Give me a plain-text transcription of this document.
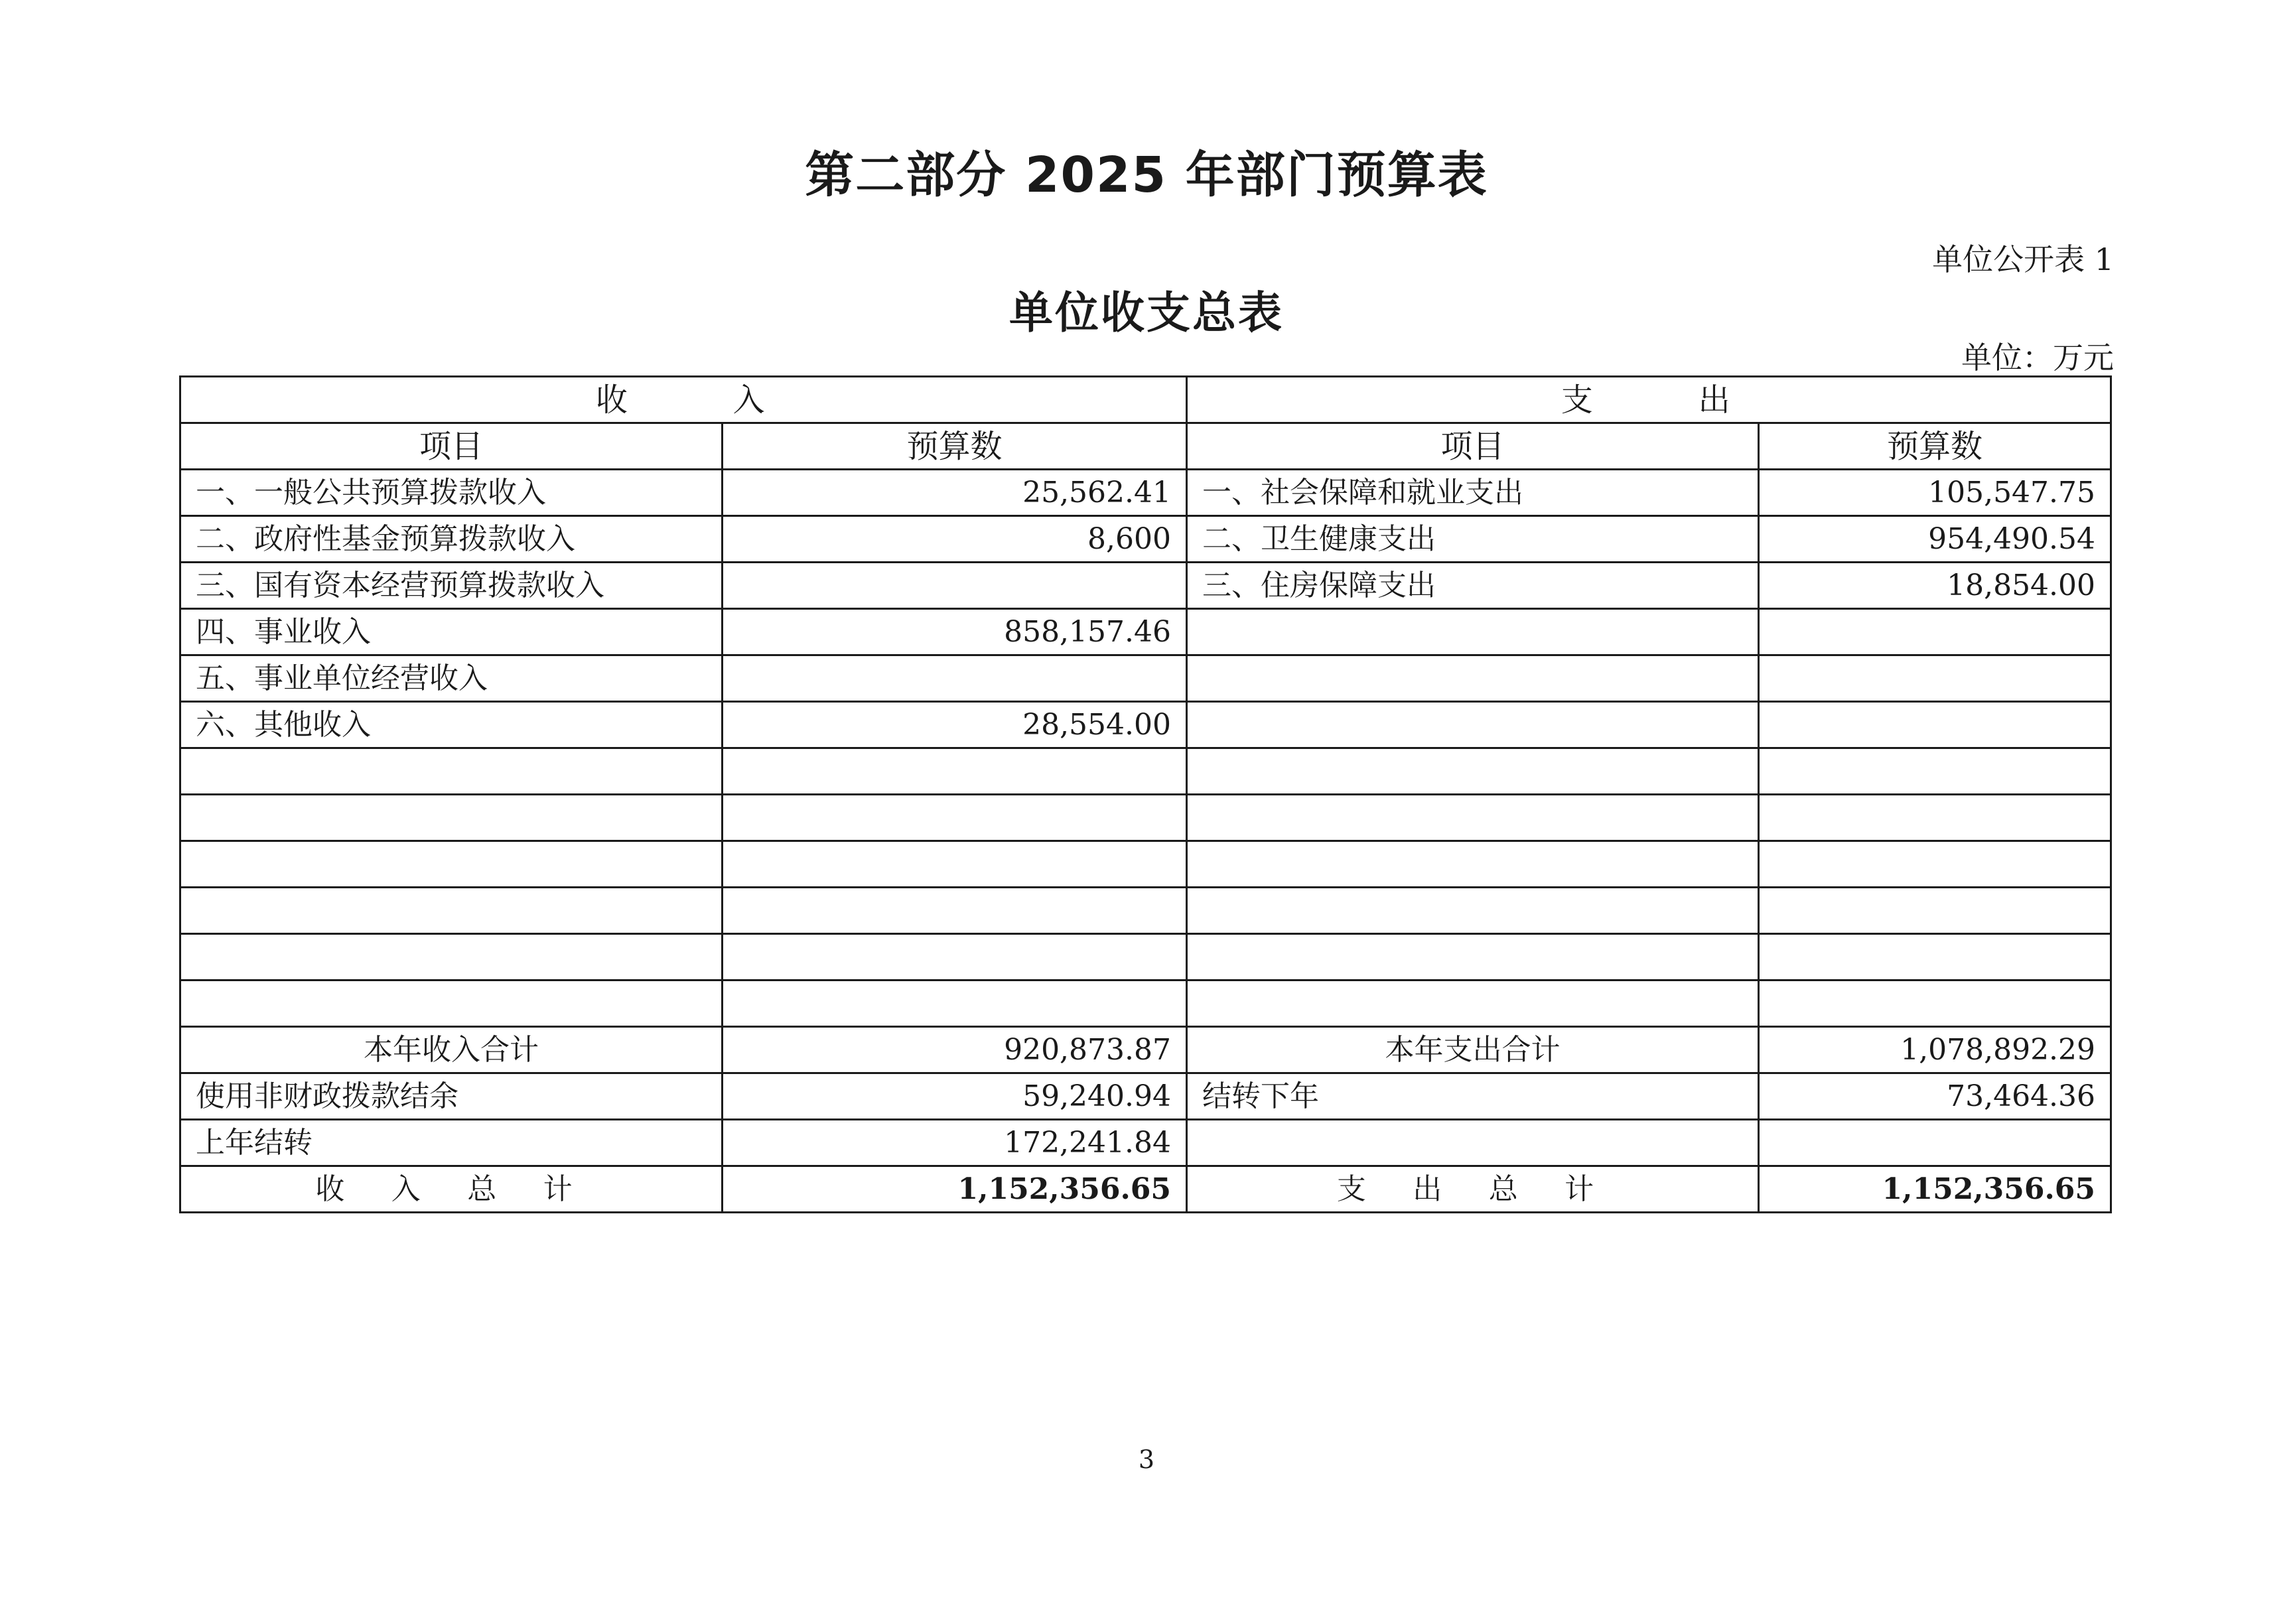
第二部分 2025 年部门预算表
单位公开表 1
单位收支总表
单位：万元
收      入		支      出	
项目	预算数	项目	预算数
一、一般公共预算拨款收入	25,562.41	一、社会保障和就业支出	105,547.75
二、政府性基金预算拨款收入	8,600	二、卫生健康支出	954,490.54
三、国有资本经营预算拨款收入		三、住房保障支出	18,854.00
四、事业收入	858,157.46		
五、事业单位经营收入			
六、其他收入	28,554.00		

本年收入合计	920,873.87	本年支出合计	1,078,892.29
使用非财政拨款结余	59,240.94	结转下年	73,464.36
上年结转	172,241.84		
收入总计	1,152,356.65	支出总计	1,152,356.65
3
